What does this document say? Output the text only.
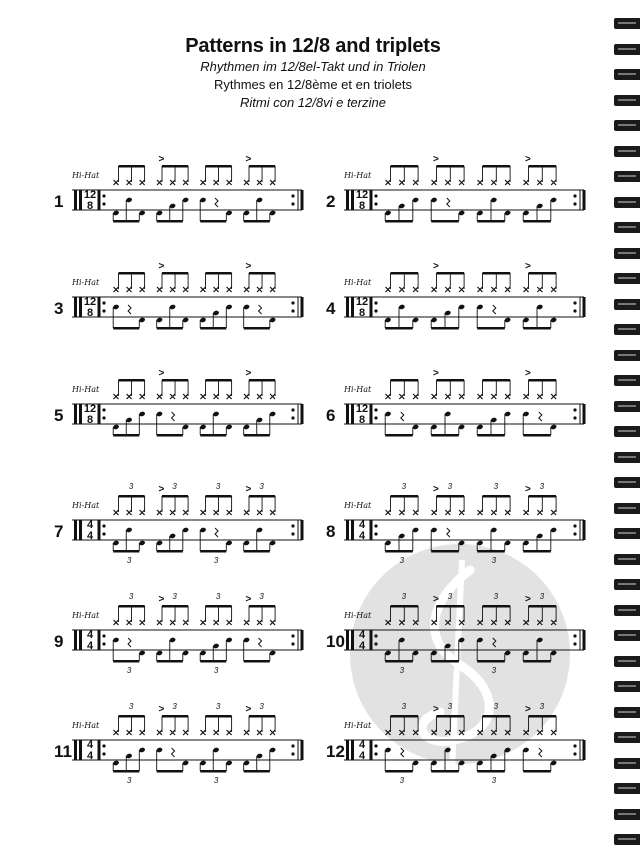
Patterns in 12/8 and triplets
Rhythmen im 12/8el-Takt und in Triolen
Rythmes en 12/8ème et en triolets
Ritmi con 12/8vi e terzine
1
Hi-Hat
12
8
>	>
2
Hi-Hat
12
8
>	>
3
Hi-Hat
12
8
>	>
4
Hi-Hat
12
8
>	>
5
Hi-Hat
12
8
>	>
6
Hi-Hat
12
8
>	>
7
Hi-Hat
4
4
3
3
> 3	3
3
> 3
8
Hi-Hat
4
4
3
3
> 3	3
3
> 3
9
Hi-Hat
4
4
3
3
> 3	3
3
> 3
10
Hi-Hat
4
4
3
3
> 3	3
3
> 3
11
Hi-Hat
4
4
3
3
> 3	3
3
> 3
12
Hi-Hat
4
4
3
3
> 3	3
3
> 3
